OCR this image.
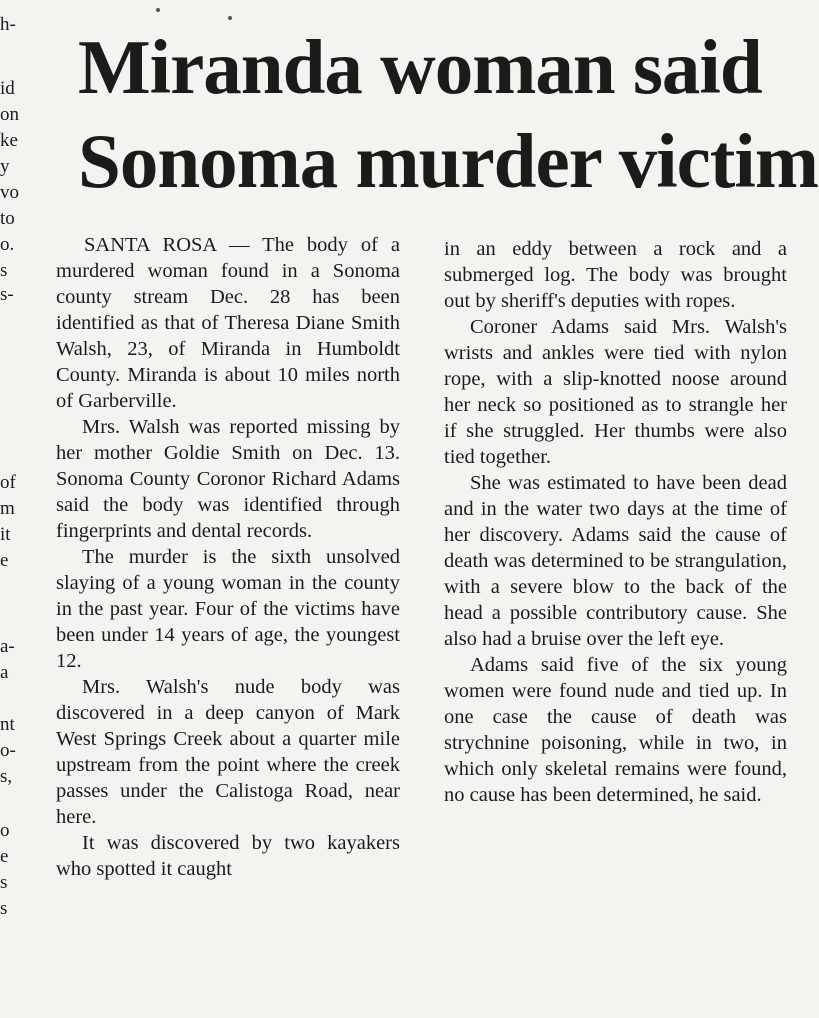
h-
id
on
ke
y
vo
to
o.
s
s-
of
m
it
e
a-
a
nt
o-
s,
o
e
s
s
Miranda woman said
Sonoma murder victim

SANTA ROSA — The body of a murdered woman found in a Sonoma county stream Dec. 28 has been identified as that of Theresa Diane Smith Walsh, 23, of Miranda in Humboldt County. Miranda is about 10 miles north of Garberville.

Mrs. Walsh was reported missing by her mother Goldie Smith on Dec. 13. Sonoma County Coronor Richard Adams said the body was identified through fingerprints and dental records.

The murder is the sixth unsolved slaying of a young woman in the county in the past year. Four of the victims have been under 14 years of age, the youngest 12.

Mrs. Walsh's nude body was discovered in a deep canyon of Mark West Springs Creek about a quarter mile upstream from the point where the creek passes under the Calistoga Road, near here.

It was discovered by two kayakers who spotted it caught

in an eddy between a rock and a submerged log. The body was brought out by sheriff's deputies with ropes.

Coroner Adams said Mrs. Walsh's wrists and ankles were tied with nylon rope, with a slip-knotted noose around her neck so positioned as to strangle her if she struggled. Her thumbs were also tied together.

She was estimated to have been dead and in the water two days at the time of her discovery. Adams said the cause of death was determined to be strangulation, with a severe blow to the back of the head a possible contributory cause. She also had a bruise over the left eye.

Adams said five of the six young women were found nude and tied up. In one case the cause of death was strychnine poisoning, while in two, in which only skeletal remains were found, no cause has been determined, he said.
